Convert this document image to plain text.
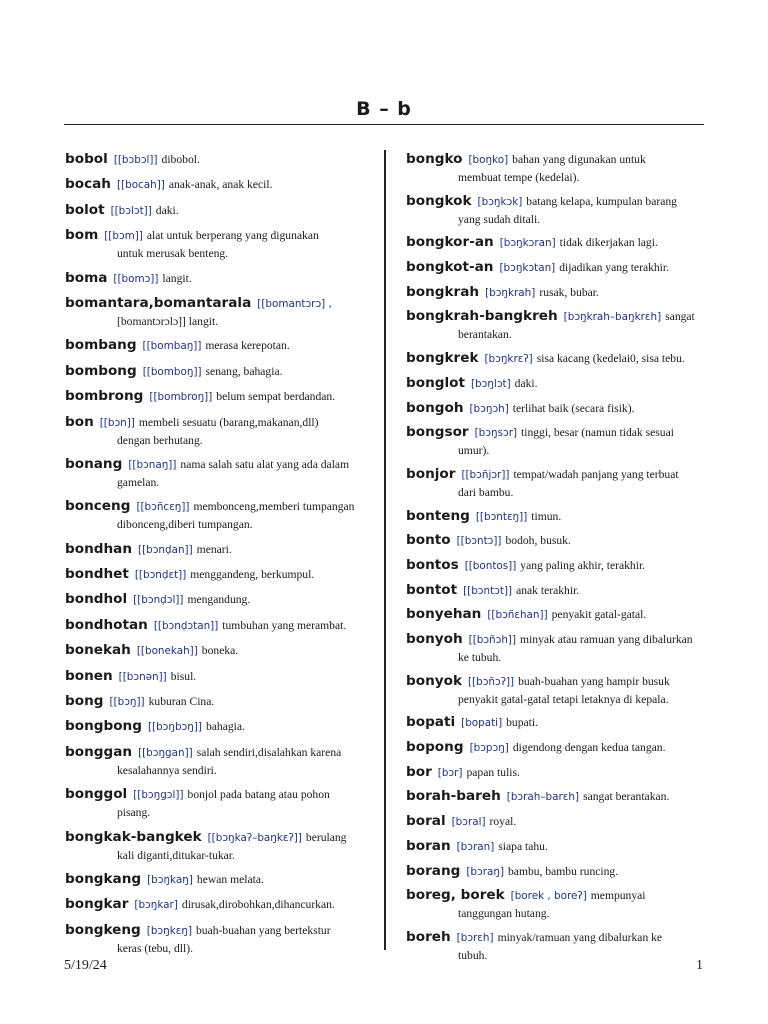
B – b
bobol [[bɔbɔl]] dibobol.
bocah [[bocah]] anak-anak, anak kecil.
bolot [[bɔlɔt]] daki.
bom [[bɔm]] alat untuk berperang yang digunakan
untuk merusak benteng.
boma [[bomɔ]] langit.
bomantara,bomantarala [[bomantɔrɔ] ,
[bomantɔrɔlɔ]] langit.
bombang [[bombaŋ]] merasa kerepotan.
bombong [[bomboŋ]] senang, bahagia.
bombrong [[bombroŋ]] belum sempat berdandan.
bon [[bɔn]] membeli sesuatu (barang,makanan,dll)
dengan berhutang.
bonang [[bɔnaŋ]] nama salah satu alat yang ada dalam
gamelan.
bonceng [[bɔñcɛŋ]] membonceng,memberi tumpangan
dibonceng,diberi tumpangan.
bondhan [[bɔnḍan]] menari.
bondhet [[bɔnḍɛt]] menggandeng, berkumpul.
bondhol [[bɔnḍɔl]] mengandung.
bondhotan [[bɔnḍɔtan]] tumbuhan yang merambat.
bonekah [[bonekah]] boneka.
bonen [[bɔnən]] bisul.
bong [[bɔŋ]] kuburan Cina.
bongbong [[bɔŋbɔŋ]] bahagia.
bonggan [[bɔŋgan]] salah sendiri,disalahkan karena
kesalahannya sendiri.
bonggol [[bɔŋgɔl]] bonjol pada batang atau pohon
pisang.
bongkak-bangkek [[bɔŋkaʔ–baŋkɛʔ]] berulang
kali diganti,ditukar-tukar.
bongkang [bɔŋkaŋ] hewan melata.
bongkar [bɔŋkar] dirusak,dirobohkan,dihancurkan.
bongkeng [bɔŋkɛŋ] buah-buahan yang bertekstur
keras (tebu, dll).
bongko [boŋko] bahan yang digunakan untuk
membuat tempe (kedelai).
bongkok [bɔŋkɔk] batang kelapa, kumpulan barang
yang sudah ditali.
bongkor-an [bɔŋkɔran] tidak dikerjakan lagi.
bongkot-an [bɔŋkɔtan] dijadikan yang terakhir.
bongkrah [bɔŋkrah] rusak, bubar.
bongkrah-bangkreh [bɔŋkrah–baŋkrɛh] sangat
berantakan.
bongkrek [bɔŋkrɛʔ] sisa kacang (kedelai0, sisa tebu.
bonglot [bɔŋlɔt] daki.
bongoh [bɔŋɔh] terlihat baik (secara fisik).
bongsor [bɔŋsɔr] tinggi, besar (namun tidak sesuai
umur).
bonjor [[bɔñjɔr]] tempat/wadah panjang yang terbuat
dari bambu.
bonteng [[bɔntɛŋ]] timun.
bonto [[bɔntɔ]] bodoh, busuk.
bontos [[bontos]] yang paling akhir, terakhir.
bontot [[bɔntɔt]] anak terakhir.
bonyehan [[bɔñɛhan]] penyakit gatal-gatal.
bonyoh [[bɔñɔh]] minyak atau ramuan yang dibalurkan
ke tubuh.
bonyok [[bɔñɔʔ]] buah-buahan yang hampir busuk
penyakit gatal-gatal tetapi letaknya di kepala.
bopati [bopati] bupati.
bopong [bɔpɔŋ] digendong dengan kedua tangan.
bor [bɔr] papan tulis.
borah-bareh [bɔrah–barɛh] sangat berantakan.
boral [bɔral] royal.
boran [bɔran] siapa tahu.
borang [bɔraŋ] bambu, bambu runcing.
boreg, borek [borek , boreʔ] mempunyai
tanggungan hutang.
boreh [bɔrɛh] minyak/ramuan yang dibalurkan ke
tubuh.
5/19/24	1
